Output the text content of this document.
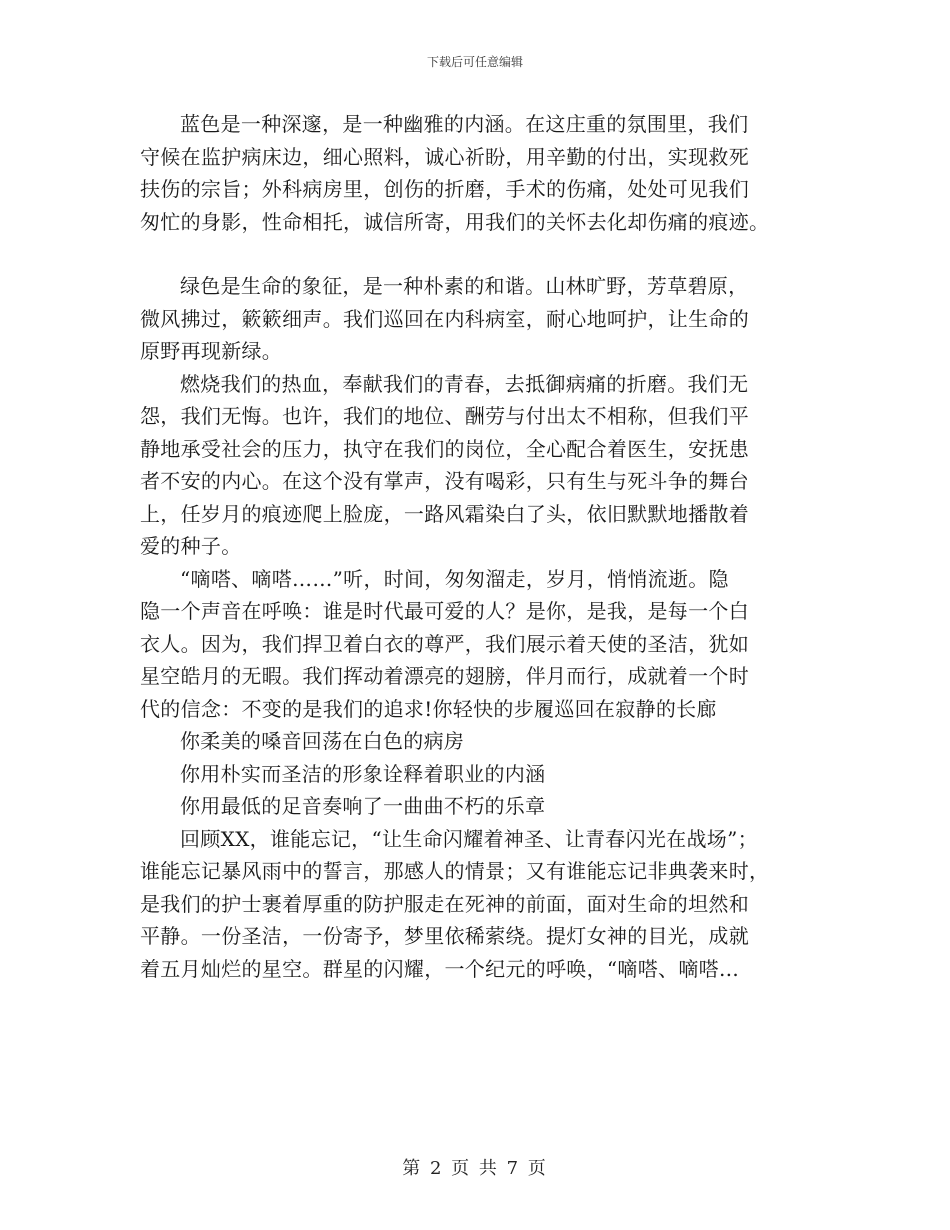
下载后可任意编辑

蓝色是一种深邃，是一种幽雅的内涵。在这庄重的氛围里，我们
守候在监护病床边，细心照料，诚心祈盼，用辛勤的付出，实现救死
扶伤的宗旨；外科病房里，创伤的折磨，手术的伤痛，处处可见我们
匆忙的身影，性命相托，诚信所寄，用我们的关怀去化却伤痛的痕迹。

绿色是生命的象征，是一种朴素的和谐。山林旷野，芳草碧原，
微风拂过，簌簌细声。我们巡回在内科病室，耐心地呵护，让生命的
原野再现新绿。

燃烧我们的热血，奉献我们的青春，去抵御病痛的折磨。我们无
怨，我们无悔。也许，我们的地位、酬劳与付出太不相称，但我们平
静地承受社会的压力，执守在我们的岗位，全心配合着医生，安抚患
者不安的内心。在这个没有掌声，没有喝彩，只有生与死斗争的舞台
上，任岁月的痕迹爬上脸庞，一路风霜染白了头，依旧默默地播散着
爱的种子。

“嘀嗒、嘀嗒……”听，时间，匆匆溜走，岁月，悄悄流逝。隐
隐一个声音在呼唤：谁是时代最可爱的人？是你，是我，是每一个白
衣人。因为，我们捍卫着白衣的尊严，我们展示着天使的圣洁，犹如
星空皓月的无暇。我们挥动着漂亮的翅膀，伴月而行，成就着一个时
代的信念：不变的是我们的追求!你轻快的步履巡回在寂静的长廊

你柔美的嗓音回荡在白色的病房

你用朴实而圣洁的形象诠释着职业的内涵

你用最低的足音奏响了一曲曲不朽的乐章

回顾XX，谁能忘记，“让生命闪耀着神圣、让青春闪光在战场”；
谁能忘记暴风雨中的誓言，那感人的情景；又有谁能忘记非典袭来时，
是我们的护士裹着厚重的防护服走在死神的前面，面对生命的坦然和
平静。一份圣洁，一份寄予，梦里依稀萦绕。提灯女神的目光，成就
着五月灿烂的星空。群星的闪耀，一个纪元的呼唤，“嘀嗒、嘀嗒…

第 2 页 共 7 页
